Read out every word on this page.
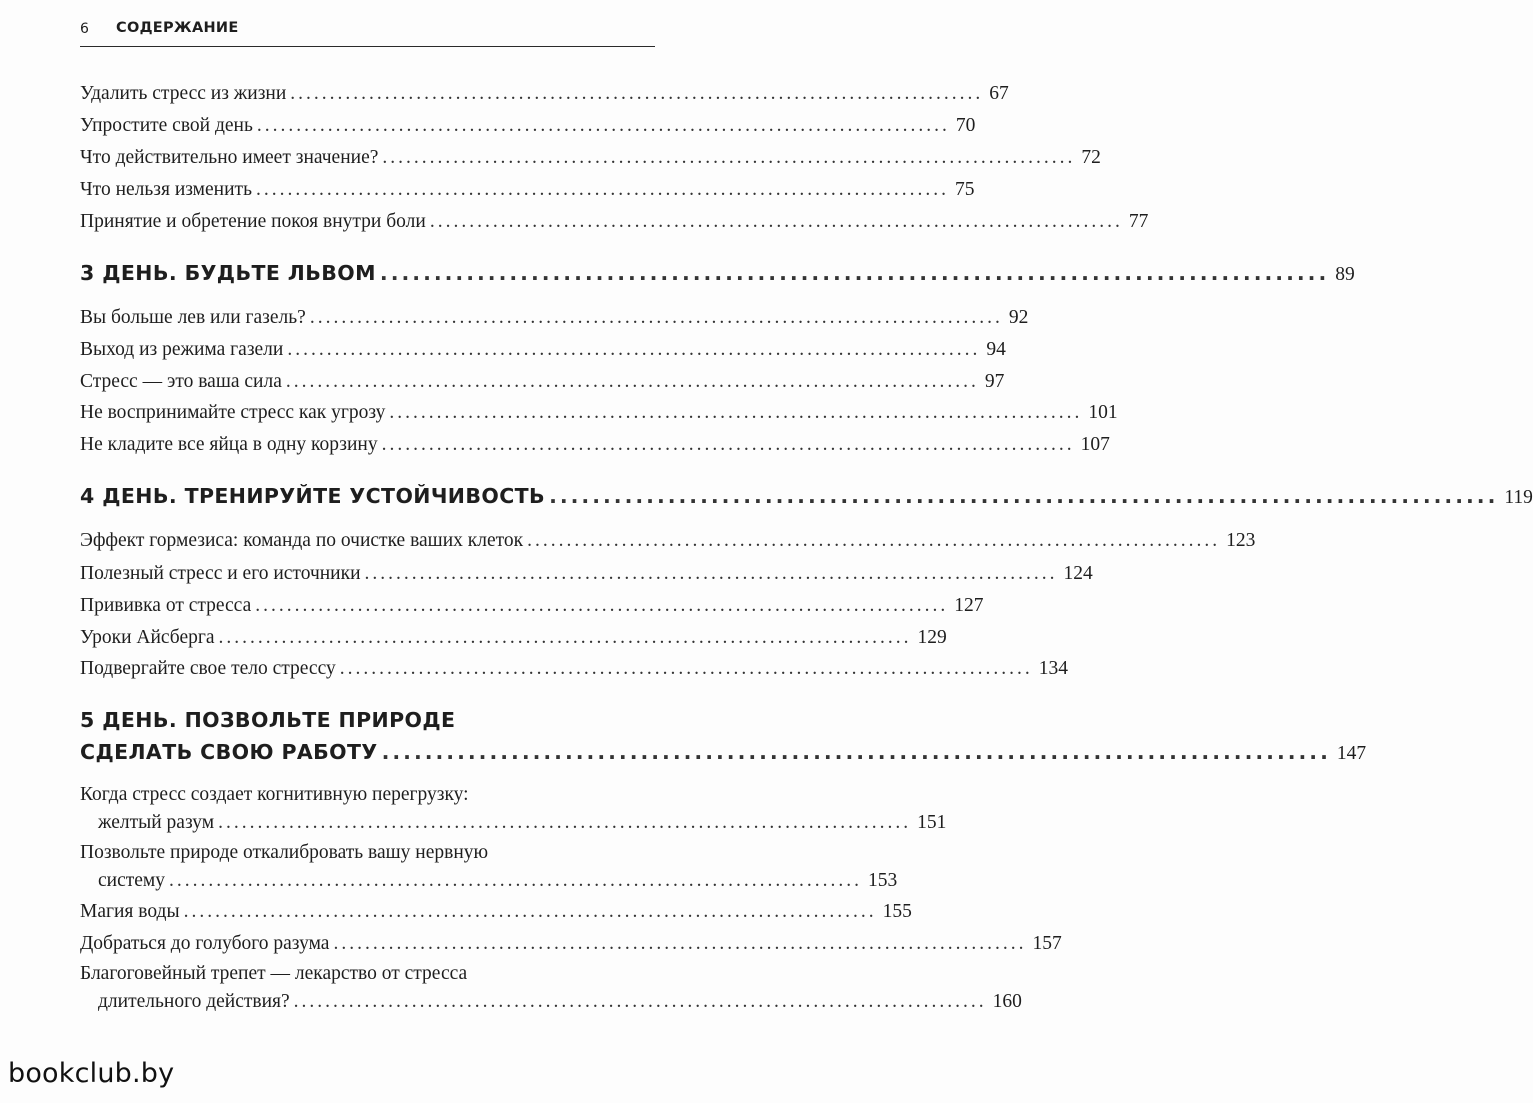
6 СОДЕРЖАНИЕ
Удалить стресс из жизни ........................................................................................ 67
Упростите свой день ........................................................................................ 70
Что действительно имеет значение? ........................................................................................ 72
Что нельзя изменить ........................................................................................ 75
Принятие и обретение покоя внутри боли ........................................................................................ 77
3 ДЕНЬ. БУДЬТЕ ЛЬВОМ ........................................................................................ 89
Вы больше лев или газель? ........................................................................................ 92
Выход из режима газели ........................................................................................ 94
Стресс — это ваша сила ........................................................................................ 97
Не воспринимайте стресс как угрозу ........................................................................................ 101
Не кладите все яйца в одну корзину ........................................................................................ 107
4 ДЕНЬ. ТРЕНИРУЙТЕ УСТОЙЧИВОСТЬ ........................................................................................ 119
Эффект гормезиса: команда по очистке ваших клеток ........................................................................................ 123
Полезный стресс и его источники ........................................................................................ 124
Прививка от стресса ........................................................................................ 127
Уроки Айсберга ........................................................................................ 129
Подвергайте свое тело стрессу ........................................................................................ 134
5 ДЕНЬ. ПОЗВОЛЬТЕ ПРИРОДЕ
СДЕЛАТЬ СВОЮ РАБОТУ ........................................................................................ 147
Когда стресс создает когнитивную перегрузку:
желтый разум ........................................................................................ 151
Позвольте природе откалибровать вашу нервную
систему ........................................................................................ 153
Магия воды ........................................................................................ 155
Добраться до голубого разума ........................................................................................ 157
Благоговейный трепет — лекарство от стресса
длительного действия? ........................................................................................ 160
bookclub.by
